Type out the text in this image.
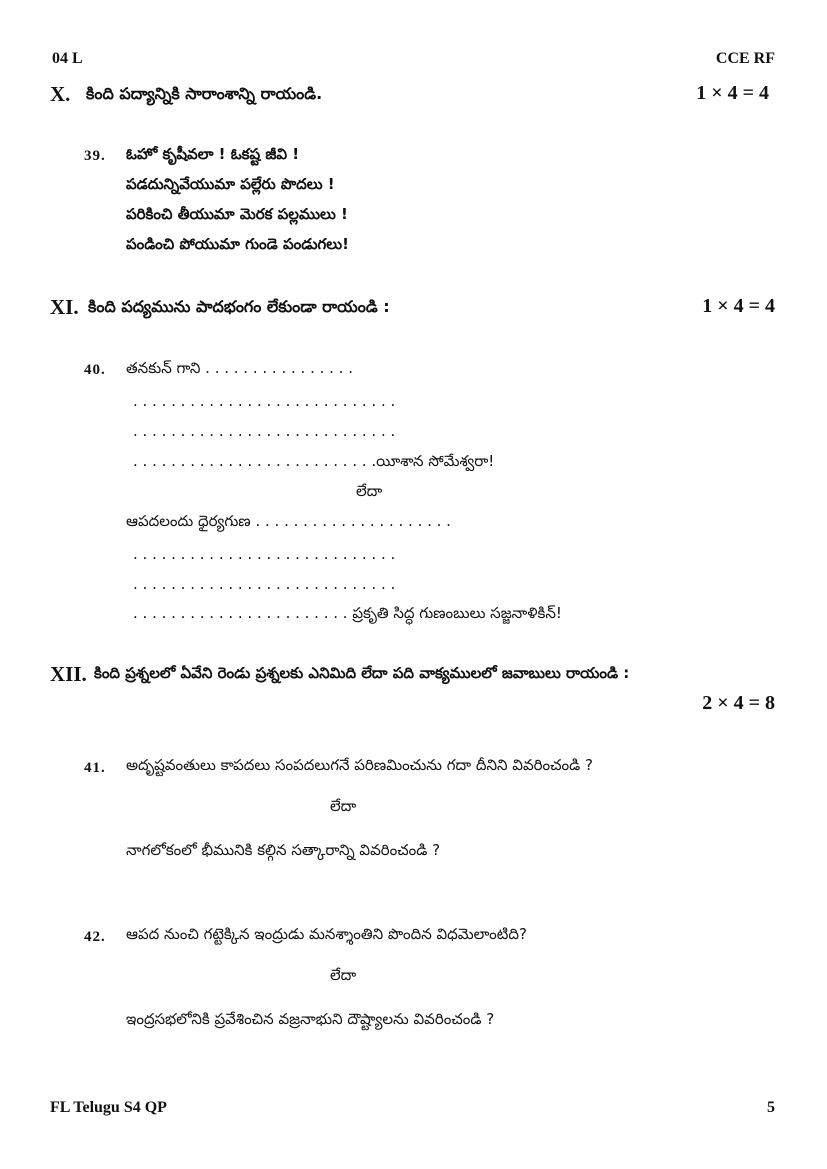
04 L	CCE RF
X. కింది పద్యాన్నికి సారాంశాన్ని రాయండి.	1 × 4 = 4
39. ఓహో కృషీవలా ! ఓకష్ట జీవి !
పడదున్నివేయుమా పల్లేరు పొదలు !
పరికించి తీయుమా మెరక పల్లములు !
పండించి పోయుమా గుండె పండుగలు!
XI. కింది పద్యమును పాదభంగం లేకుండా రాయండి :	1 × 4 = 4
40. తనకున్ గాని . . . . . . . . . . . . . . . .
. . . . . . . . . . . . . . . . . . . . . . . . . . . .
. . . . . . . . . . . . . . . . . . . . . . . . . . . .
. . . . . . . . . . . . . . . . . . . . . . . . . .యీశాన సోమేశ్వరా!
లేదా
ఆపదలందు ధైర్యగుణ . . . . . . . . . . . . . . . . . . . . .
. . . . . . . . . . . . . . . . . . . . . . . . . . . .
. . . . . . . . . . . . . . . . . . . . . . . . . . . .
. . . . . . . . . . . . . . . . . . . . . . . ప్రకృతి సిద్ధ గుణంబులు సజ్జనాళికిన్!
XII. కింది ప్రశ్నలలో ఏవేని రెండు ప్రశ్నలకు ఎనిమిది లేదా పది వాక్యములలో జవాబులు రాయండి :
2 × 4 = 8
41. అదృష్టవంతులు కాపదలు సంపదలుగనే పరిణమించును గదా దీనిని వివరించండి ?
లేదా
నాగలోకంలో భీమునికి కల్గిన సత్కారాన్ని వివరించండి ?
42. ఆపద నుంచి గట్టెక్కిన ఇంద్రుడు మనశ్శాంతిని పొందిన విధమెలాంటిది?
లేదా
ఇంద్రసభలోనికి ప్రవేశించిన వజ్రనాభుని దౌష్ట్యాలను వివరించండి ?
FL Telugu S4 QP	5
